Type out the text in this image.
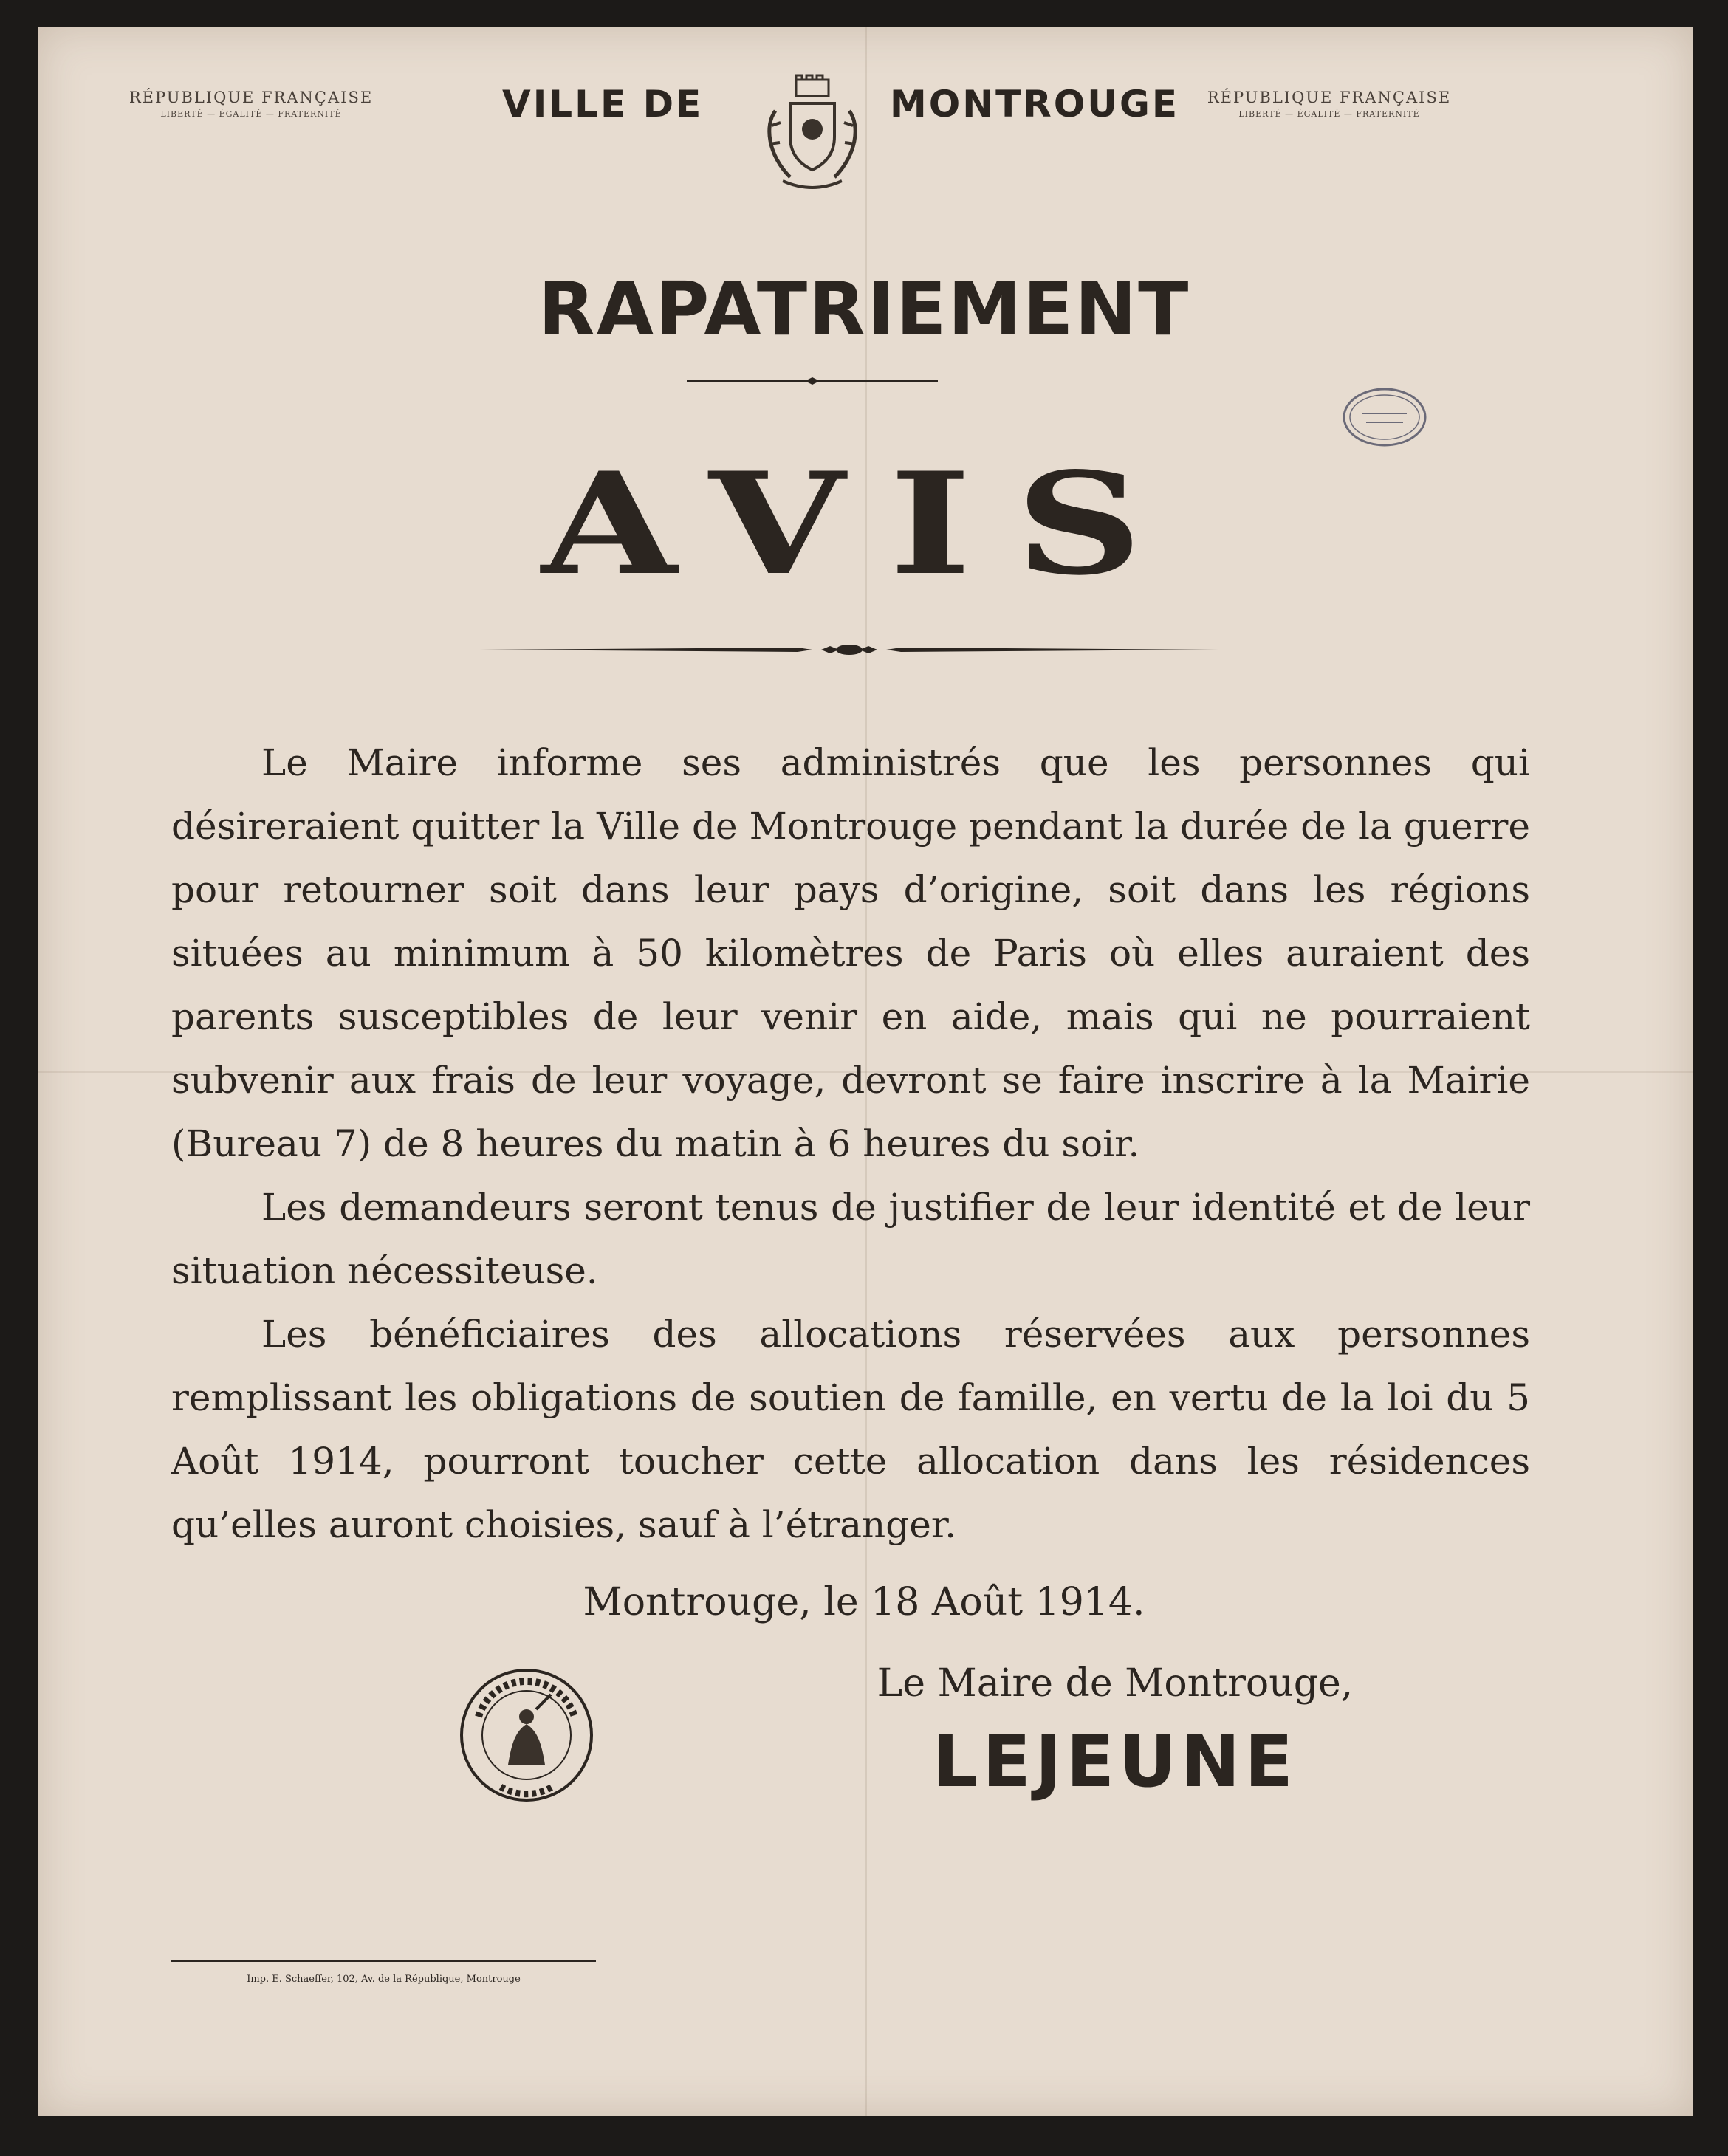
RÉPUBLIQUE FRANÇAISE
LIBERTÉ — ÉGALITÉ — FRATERNITÉ
RÉPUBLIQUE FRANÇAISE
LIBERTÉ — ÉGALITÉ — FRATERNITÉ
VILLE DE	MONTROUGE
RAPATRIEMENT
AVIS

Le Maire informe ses administrés que les personnes qui désireraient quitter la Ville de Montrouge pendant la durée de la guerre pour retourner soit dans leur pays d’origine, soit dans les régions situées au minimum à 50 kilomètres de Paris où elles auraient des parents susceptibles de leur venir en aide, mais qui ne pourraient subvenir aux frais de leur voyage, devront se faire inscrire à la Mairie (Bureau 7) de 8 heures du matin à 6 heures du soir.

Les demandeurs seront tenus de justifier de leur identité et de leur situation nécessiteuse.

Les bénéficiaires des allocations réservées aux personnes remplissant les obligations de soutien de famille, en vertu de la loi du 5 Août 1914, pourront toucher cette allocation dans les résidences qu’elles auront choisies, sauf à l’étranger.

Montrouge, le 18 Août 1914.
Le Maire de Montrouge,
LEJEUNE
Imp. E. Schaeffer, 102, Av. de la République, Montrouge
